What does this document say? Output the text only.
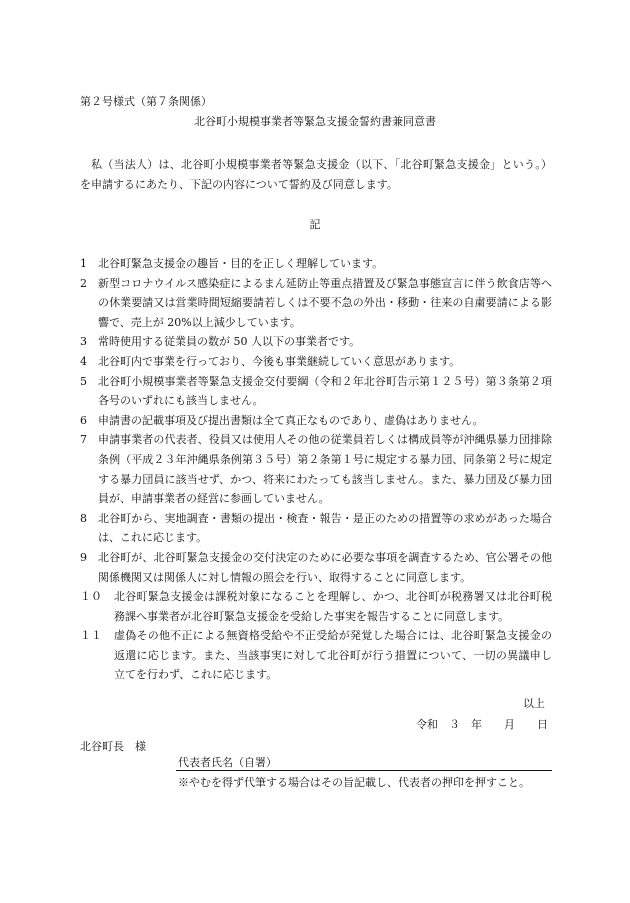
第２号様式（第７条関係）
北谷町小規模事業者等緊急支援金誓約書兼同意書

私（当法人）は、北谷町小規模事業者等緊急支援金（以下、「北谷町緊急支援金」という。）を申請するにあたり、下記の内容について誓約及び同意します。

記
1	北谷町緊急支援金の趣旨・目的を正しく理解しています。
2	新型コロナウイルス感染症によるまん延防止等重点措置及び緊急事態宣言に伴う飲食店等への休業要請又は営業時間短縮要請若しくは不要不急の外出・移動・往来の自粛要請による影響で、売上が 20%以上減少しています。
3	常時使用する従業員の数が 50 人以下の事業者です。
4	北谷町内で事業を行っており、今後も事業継続していく意思があります。
5	北谷町小規模事業者等緊急支援金交付要綱（令和２年北谷町告示第１２５号）第３条第２項各号のいずれにも該当しません。
6	申請書の記載事項及び提出書類は全て真正なものであり、虚偽はありません。
7	申請事業者の代表者、役員又は使用人その他の従業員若しくは構成員等が沖縄県暴力団排除条例（平成２３年沖縄県条例第３５号）第２条第１号に規定する暴力団、同条第２号に規定する暴力団員に該当せず、かつ、将来にわたっても該当しません。また、暴力団及び暴力団員が、申請事業者の経営に参画していません。
8	北谷町から、実地調査・書類の提出・検査・報告・是正のための措置等の求めがあった場合は、これに応じます。
9	北谷町が、北谷町緊急支援金の交付決定のために必要な事項を調査するため、官公署その他関係機関又は関係人に対し情報の照会を行い、取得することに同意します。
１０	北谷町緊急支援金は課税対象になることを理解し、かつ、北谷町が税務署又は北谷町税務課へ事業者が北谷町緊急支援金を受給した事実を報告することに同意します。
１１	虚偽その他不正による無資格受給や不正受給が発覚した場合には、北谷町緊急支援金の返還に応じます。また、当該事実に対して北谷町が行う措置について、一切の異議申し立てを行わず、これに応じます。
以上
令和　３　年　　月　　日
北谷町長　様
代表者氏名（自署）
※やむを得ず代筆する場合はその旨記載し、代表者の押印を押すこと。
